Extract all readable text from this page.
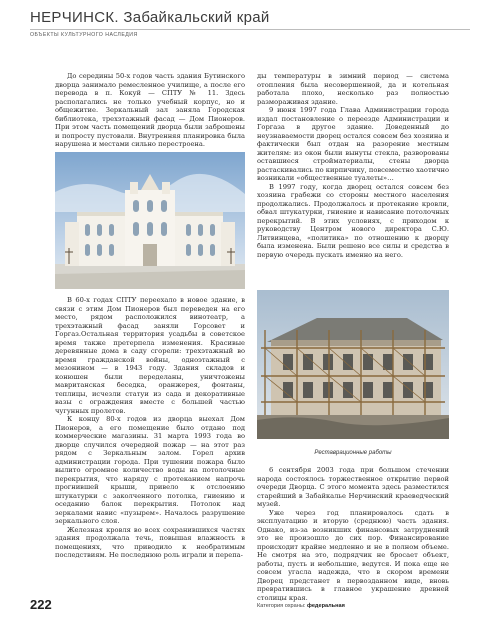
НЕРЧИНСК. Забайкальский край
ОБЪЕКТЫ КУЛЬТУРНОГО НАСЛЕДИЯ

До середины 50-х годов часть здания Бутинского дворца занимало ремесленное училище, а после его перевода в п. Кокуй — СПТУ № 11. Здесь располагались не только учебный корпус, но и общежитие. Зеркальный зал заняла Городская библиотека, трехэтажный фасад — Дом Пионеров. При этом часть помещений дворца были заброшены и попросту пустовали. Внутренняя планировка была нарушена и местами сильно перестроена.

ды температуры в зимний период — система отопления была несовершенной, да и котельная работала плохо, несколько раз полностью размораживая здание.

9 июня 1997 года Глава Администрации города издал постановление о переезде Администрации и Горгаза в другое здание. Доведенный до неузнаваемости дворец остался совсем без хозяина и фактически был отдан на разорение местным жителям: из окон были вынуты стекла, разворованы оставшиеся стройматериалы, стены дворца растаскивались по кирпичику, повсеместно хаотично возникали «общественные туалеты»…

В 1997 году, когда дворец остался совсем без хозяина грабежи со стороны местного населения продолжались. Продолжалось и протекание кровли, обвал штукатурки, гниение и нависание потолочных перекрытий. В этих условиях, с приходом к руководству Центром нового директора С.Ю. Литвинцева, «политика» по отношению к дворцу была изменена. Были решено все силы и средства в первую очередь пускать именно на него.

Реставрационные работы

В 60-х годах СПТУ переехало в новое здание, в связи с этим Дом Пионеров был переведен на его место, рядом расположился винотеатр, а трехэтажный фасад заняли Горсовет и Горгаз.Остальная территория усадьбы в советское время также претерпела изменения. Красивые деревянные дома в саду сгорели: трехэтажный во время гражданской войны, одноэтажный с мезонином — в 1943 году. Здания складов и конюшен были переделаны, уничтожены мавританская беседка, оранжерея, фонтаны, теплицы, исчезли статуи из сада и декоративные вазы с ограждения вместе с большей частью чугунных пролетов.

К концу 80-х годов из дворца выехал Дом Пионеров, а его помещение было отдано под коммерческие магазины. 31 марта 1993 года во дворце случился очередной пожар — на этот раз рядом с Зеркальным залом. Горел архив администрации города. При тушении пожара было вылито огромное количество воды на потолочные перекрытия, что наряду с протеканием напрочь прогнившей крыши, привело к отслоению штукатурки с заколченного потолка, гниению и оседанию балок перекрытия. Потолок над зеркалами навис «пузырем». Началось разрушение зеркального слоя.

Железная кровля во всех сохранившихся частях здания продолжала течь, повышая влажность в помещениях, что приводило к необратимым последствиям. Не последнюю роль играли и перепа-

6 сентября 2003 года при большом стечении народа состоялось торжественное открытие первой очереди Дворца. С этого момента здесь разместился старейший в Забайкалье Нерчинский краеведческий музей.

Уже через год планировалось сдать в эксплуатацию и вторую (среднюю) часть здания. Однако, из-за возникших финансовых затруднений это не произошло до сих пор. Финансирование происходит крайне медленно и не в полном объеме. Не смотря на это, подрядчик не бросает объект, работы, пусть и небольшие, ведутся. И пока еще не совсем угасла надежда, что в скором времени Дворец предстанет в первозданном виде, вновь превратившись в главное украшение древней столицы края.

Категория охраны: федеральная
222
